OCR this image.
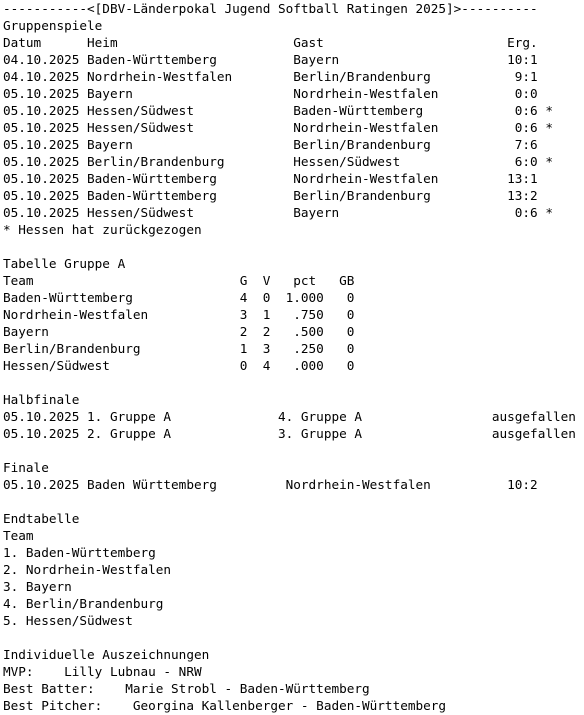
-----------<[DBV-Länderpokal Jugend Softball Ratingen 2025]>----------
Gruppenspiele
Datum      Heim                       Gast                        Erg.
04.10.2025 Baden-Württemberg          Bayern                      10:1
04.10.2025 Nordrhein-Westfalen        Berlin/Brandenburg           9:1
05.10.2025 Bayern                     Nordrhein-Westfalen          0:0
05.10.2025 Hessen/Südwest             Baden-Württemberg            0:6 *
05.10.2025 Hessen/Südwest             Nordrhein-Westfalen          0:6 *
05.10.2025 Bayern                     Berlin/Brandenburg           7:6
05.10.2025 Berlin/Brandenburg         Hessen/Südwest               6:0 *
05.10.2025 Baden-Württemberg          Nordrhein-Westfalen         13:1
05.10.2025 Baden-Württemberg          Berlin/Brandenburg          13:2
05.10.2025 Hessen/Südwest             Bayern                       0:6 *
* Hessen hat zurückgezogen
Tabelle Gruppe A
Team                           G  V   pct   GB
Baden-Württemberg              4  0  1.000   0
Nordrhein-Westfalen            3  1   .750   0
Bayern                         2  2   .500   0
Berlin/Brandenburg             1  3   .250   0
Hessen/Südwest                 0  4   .000   0
Halbfinale
05.10.2025 1. Gruppe A              4. Gruppe A                 ausgefallen
05.10.2025 2. Gruppe A              3. Gruppe A                 ausgefallen
Finale
05.10.2025 Baden Württemberg         Nordrhein-Westfalen          10:2
Endtabelle
Team
1. Baden-Württemberg
2. Nordrhein-Westfalen
3. Bayern
4. Berlin/Brandenburg
5. Hessen/Südwest
Individuelle Auszeichnungen
MVP:    Lilly Lubnau - NRW
Best Batter:    Marie Strobl - Baden-Württemberg
Best Pitcher:    Georgina Kallenberger - Baden-Württemberg
